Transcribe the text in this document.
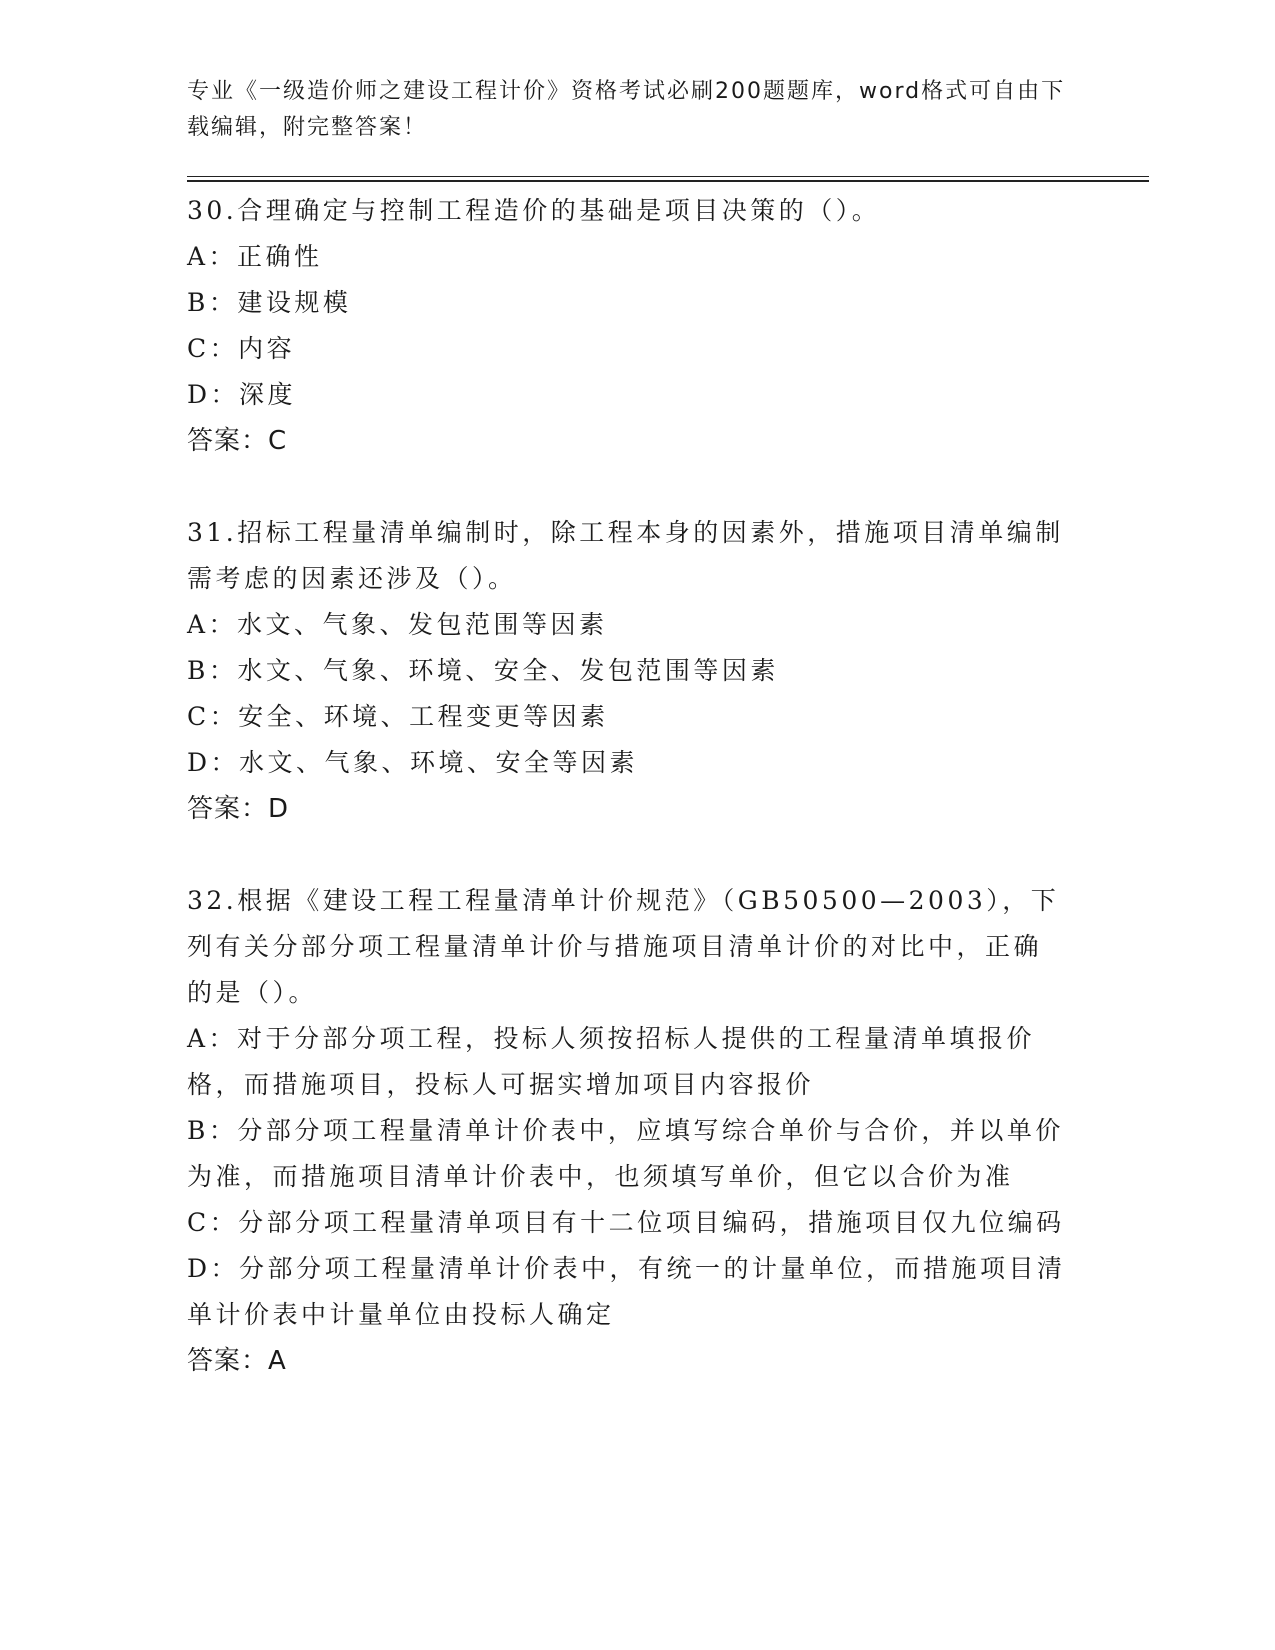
专业《一级造价师之建设工程计价》资格考试必刷200题题库，word格式可自由下载编辑，附完整答案！

30.合理确定与控制工程造价的基础是项目决策的（）。

A：正确性

B：建设规模

C：内容

D：深度

答案：C

31.招标工程量清单编制时，除工程本身的因素外，措施项目清单编制需考虑的因素还涉及（）。

A：水文、气象、发包范围等因素

B：水文、气象、环境、安全、发包范围等因素

C：安全、环境、工程变更等因素

D：水文、气象、环境、安全等因素

答案：D

32.根据《建设工程工程量清单计价规范》（GB50500—2003），下列有关分部分项工程量清单计价与措施项目清单计价的对比中，正确的是（）。

A：对于分部分项工程，投标人须按招标人提供的工程量清单填报价格，而措施项目，投标人可据实增加项目内容报价

B：分部分项工程量清单计价表中，应填写综合单价与合价，并以单价为准，而措施项目清单计价表中，也须填写单价，但它以合价为准

C：分部分项工程量清单项目有十二位项目编码，措施项目仅九位编码

D：分部分项工程量清单计价表中，有统一的计量单位，而措施项目清单计价表中计量单位由投标人确定

答案：A
